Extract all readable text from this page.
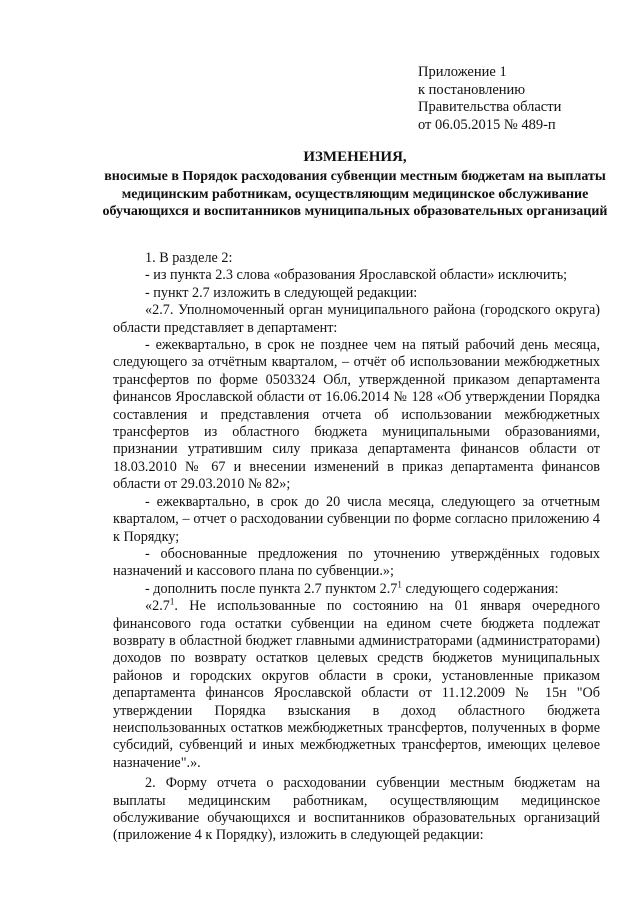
Приложение 1
к постановлению
Правительства области
от 06.05.2015 № 489-п
ИЗМЕНЕНИЯ,
вносимые в Порядок расходования субвенции местным бюджетам на выплаты медицинским работникам, осуществляющим медицинское обслуживание обучающихся и воспитанников муниципальных образовательных организаций

1. В разделе 2:

- из пункта 2.3 слова «образования Ярославской области» исключить;

- пункт 2.7 изложить в следующей редакции:

«2.7. Уполномоченный орган муниципального района (городского округа) области представляет в департамент:

- ежеквартально, в срок не позднее чем на пятый рабочий день месяца, следующего за отчётным кварталом, – отчёт об использовании межбюджетных трансфертов по форме 0503324 Обл, утвержденной приказом департамента финансов Ярославской области от 16.06.2014 № 128 «Об утверждении Порядка составления и представления отчета об использовании межбюджетных трансфертов из областного бюджета муниципальными образованиями, признании утратившим силу приказа департамента финансов области от 18.03.2010 № 67 и внесении изменений в приказ департамента финансов области от 29.03.2010 № 82»;

- ежеквартально, в срок до 20 числа месяца, следующего за отчетным кварталом, – отчет о расходовании субвенции по форме согласно приложению 4 к Порядку;

- обоснованные предложения по уточнению утверждённых годовых назначений и кассового плана по субвенции.»;

- дополнить после пункта 2.7 пунктом $2.7^1$ следующего содержания:

«$2.7^1$. Не использованные по состоянию на 01 января очередного финансового года остатки субвенции на едином счете бюджета подлежат возврату в областной бюджет главными администраторами (администраторами) доходов по возврату остатков целевых средств бюджетов муниципальных районов и городских округов области в сроки, установленные приказом департамента финансов Ярославской области от 11.12.2009 № 15н "Об утверждении Порядка взыскания в доход областного бюджета неиспользованных остатков межбюджетных трансфертов, полученных в форме субсидий, субвенций и иных межбюджетных трансфертов, имеющих целевое назначение".».

2. Форму отчета о расходовании субвенции местным бюджетам на выплаты медицинским работникам, осуществляющим медицинское обслуживание обучающихся и воспитанников образовательных организаций (приложение 4 к Порядку), изложить в следующей редакции:
